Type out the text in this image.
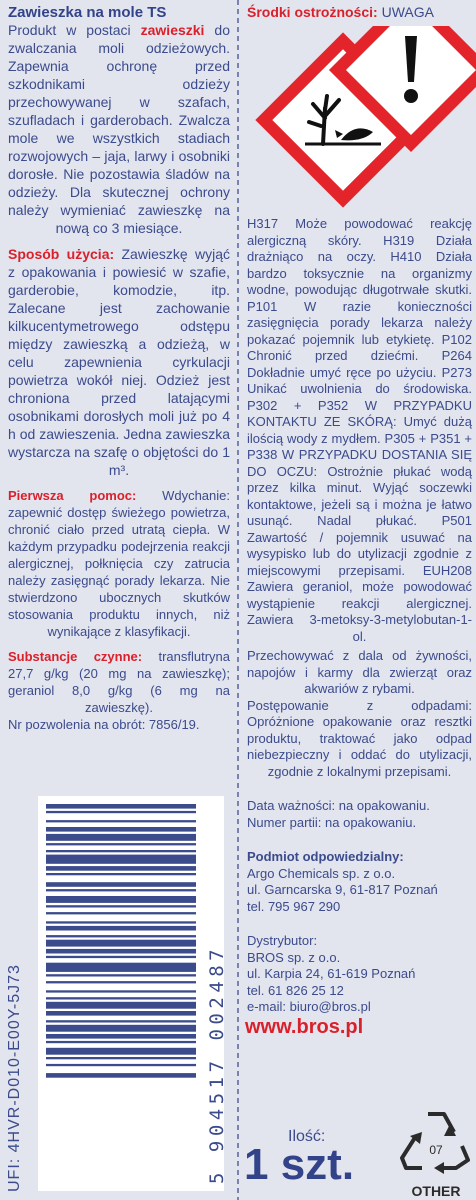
Zawieszka na mole TS

Produkt w postaci zawieszki do zwalczania moli odzieżowych. Zapewnia ochronę przed szkodnikami odzieży przechowywanej w szafach, szufladach i garderobach. Zwalcza mole we wszystkich stadiach rozwojowych – jaja, larwy i osobniki dorosłe. Nie pozostawia śladów na odzieży. Dla skutecznej ochrony należy wymieniać zawieszkę na nową co 3 miesiące.

Sposób użycia: Zawieszkę wyjąć z opakowania i powiesić w szafie, garderobie, komodzie, itp. Zalecane jest zachowanie kilkucentymetrowego odstępu między zawieszką a odzieżą, w celu zapewnienia cyrkulacji powietrza wokół niej. Odzież jest chroniona przed latającymi osobnikami dorosłych moli już po 4 h od zawieszenia. Jedna zawieszka wystarcza na szafę o objętości do 1 m³.

Pierwsza pomoc: Wdychanie: zapewnić dostęp świeżego powietrza, chronić ciało przed utratą ciepła. W każdym przypadku podejrzenia reakcji alergicznej, połknięcia czy zatrucia należy zasięgnąć porady lekarza. Nie stwierdzono ubocznych skutków stosowania produktu innych, niż wynikające z klasyfikacji.

Substancje czynne: transflutryna 27,7 g/kg (20 mg na zawieszkę); geraniol 8,0 g/kg (6 mg na zawieszkę).

Nr pozwolenia na obrót: 7856/19.

5 904517 002487
UFI: 4HVR-D010-E00Y-5J73
Środki ostrożności: UWAGA

H317 Może powodować reakcję alergiczną skóry. H319 Działa drażniąco na oczy. H410 Działa bardzo toksycznie na organizmy wodne, powodując długotrwałe skutki. P101 W razie konieczności zasięgnięcia porady lekarza należy pokazać pojemnik lub etykietę. P102 Chronić przed dziećmi. P264 Dokładnie umyć ręce po użyciu. P273 Unikać uwolnienia do środowiska. P302 + P352 W PRZYPADKU KONTAKTU ZE SKÓRĄ: Umyć dużą ilością wody z mydłem. P305 + P351 + P338 W PRZYPADKU DOSTANIA SIĘ DO OCZU: Ostrożnie płukać wodą przez kilka minut. Wyjąć soczewki kontaktowe, jeżeli są i można je łatwo usunąć. Nadal płukać. P501 Zawartość / pojemnik usuwać na wysypisko lub do utylizacji zgodnie z miejscowymi przepisami. EUH208 Zawiera geraniol, może powodować wystąpienie reakcji alergicznej. Zawiera 3-metoksy-3-metylobutan-1-ol.

Przechowywać z dala od żywności, napojów i karmy dla zwierząt oraz akwariów z rybami.

Postępowanie z odpadami: Opróżnione opakowanie oraz resztki produktu, traktować jako odpad niebezpieczny i oddać do utylizacji, zgodnie z lokalnymi przepisami.

Data ważności: na opakowaniu.

Numer partii: na opakowaniu.

Podmiot odpowiedzialny:

Argo Chemicals sp. z o.o.

ul. Garncarska 9, 61-817 Poznań

tel. 795 967 290

Dystrybutor:

BROS sp. z o.o.

ul. Karpia 24, 61-619 Poznań

tel. 61 826 25 12

e-mail: biuro@bros.pl

www.bros.pl
Ilość:
1 szt.	07
OTHER
